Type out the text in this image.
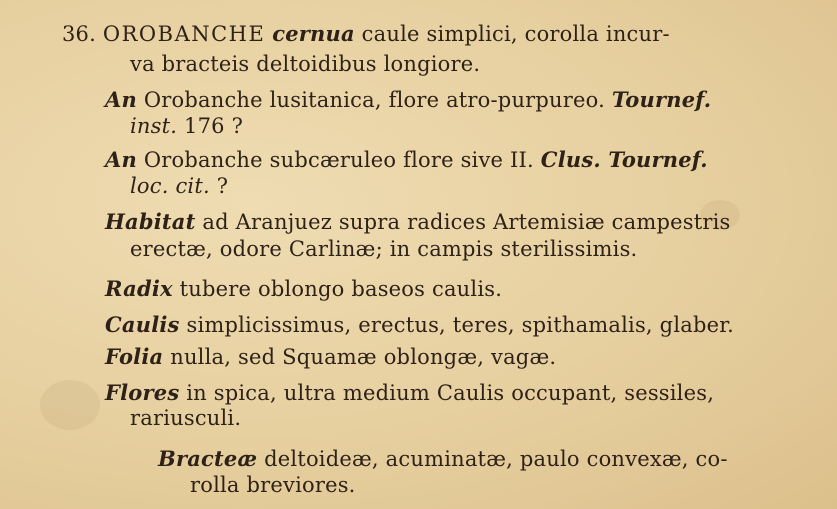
36. OROBANCHE cernua caule simplici, corolla incur-
va bracteis deltoidibus longiore.
An Orobanche lusitanica, flore atro-purpureo. Tournef.
inst. 176 ?
An Orobanche subcæruleo flore sive II. Clus. Tournef.
loc. cit. ?
Habitat ad Aranjuez supra radices Artemisiæ campestris
erectæ, odore Carlinæ; in campis sterilissimis.
Radix tubere oblongo baseos caulis.
Caulis simplicissimus, erectus, teres, spithamalis, glaber.
Folia nulla, sed Squamæ oblongæ, vagæ.
Flores in spica, ultra medium Caulis occupant, sessiles,
rariusculi.
Bracteæ deltoideæ, acuminatæ, paulo convexæ, co-
rolla breviores.
